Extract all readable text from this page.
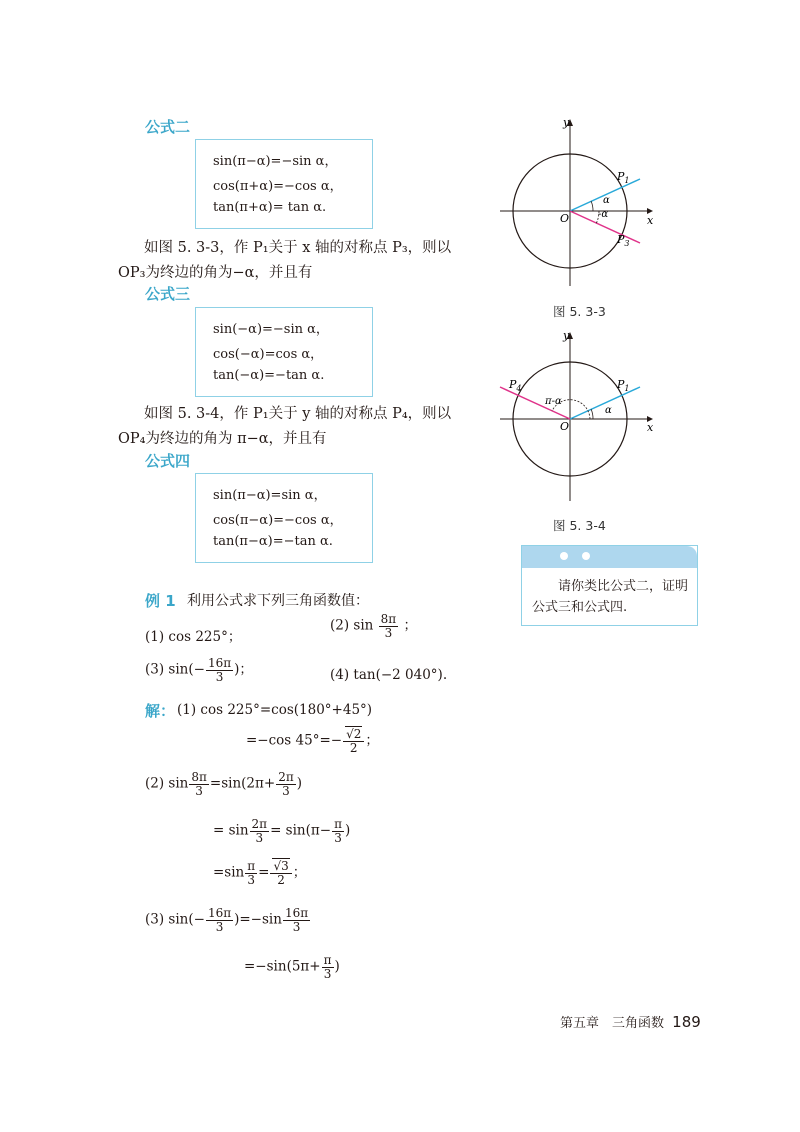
公式二
sin(π−α)=−sin α，
cos(π+α)=−cos α，
tan(π+α)= tan α.
如图 5. 3-3，作 P₁关于 x 轴的对称点 P₃，则以
OP₃为终边的角为−α，并且有
公式三
sin(−α)=−sin α，
cos(−α)=cos α，
tan(−α)=−tan α.
如图 5. 3-4，作 P₁关于 y 轴的对称点 P₄，则以
OP₄为终边的角为 π−α，并且有
公式四
sin(π−α)=sin α，
cos(π−α)=−cos α，
tan(π−α)=−tan α.
例 1 利用公式求下列三角函数值：
(1) cos 225°；
(2) $\sin \frac{8\pi}{3}$ ；
(3) $\sin(- \frac{16\pi}{3}$ )；	(4) tan(−2 040°).
解： (1) cos 225°=cos(180°+45°)
=−cos $45^\circ=- \frac{√2}{2}$ ；
(2) $\sin \frac{8\pi}{3} =\sin(2\pi+ \frac{2\pi}{3}$ )
= $\sin \frac{2\pi}{3} = \sin(\pi- \frac{\pi}{3}$ )
$=\sin \frac{\pi}{3} = \frac{√3}{2}$ ；
(3) $\sin(- \frac{16\pi}{3} )=-\sin \frac{16\pi}{3}$
$=-\sin(5\pi+ \frac{\pi}{3}$ )
y
x
O
$P_1$
$P_3$
α
-α
图 5. 3-3
y
x
O
$P_1$
$P_4$
α
π-α
图 5. 3-4
请你类比公式二，证明公式三和公式四.
第五章　三角函数 189
